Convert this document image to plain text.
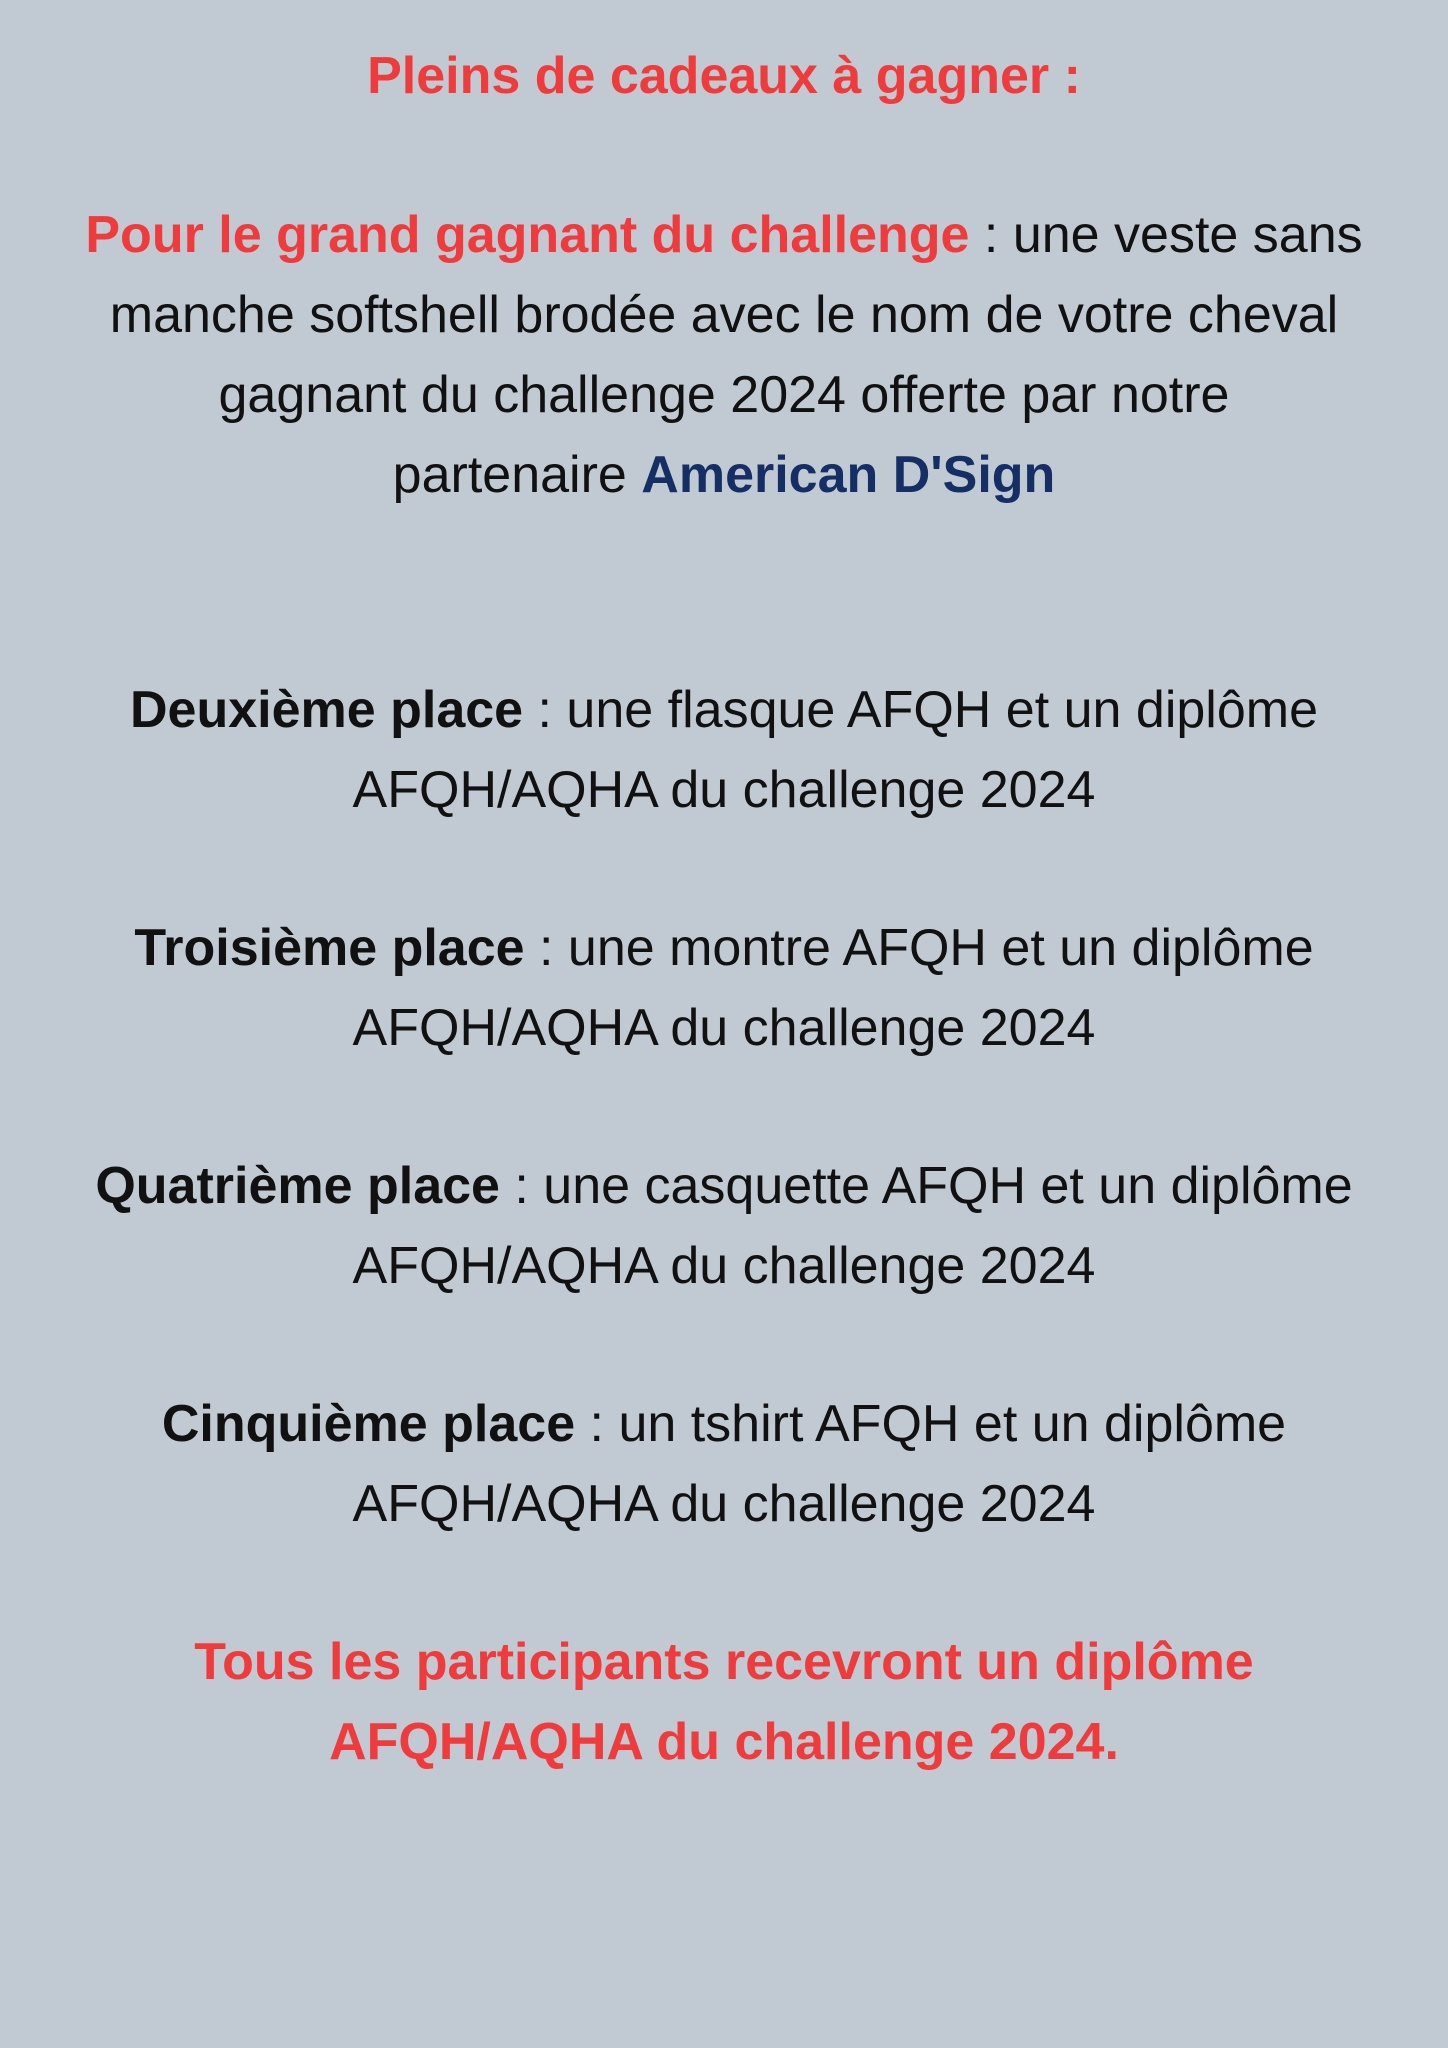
Pleins de cadeaux à gagner :
Pour le grand gagnant du challenge : une veste sans
manche softshell brodée avec le nom de votre cheval
gagnant du challenge 2024 offerte par notre
partenaire American D'Sign
Deuxième place : une flasque AFQH et un diplôme
AFQH/AQHA du challenge 2024
Troisième place : une montre AFQH et un diplôme
AFQH/AQHA du challenge 2024
Quatrième place : une casquette AFQH et un diplôme
AFQH/AQHA du challenge 2024
Cinquième place : un tshirt AFQH et un diplôme
AFQH/AQHA du challenge 2024
Tous les participants recevront un diplôme
AFQH/AQHA du challenge 2024.
